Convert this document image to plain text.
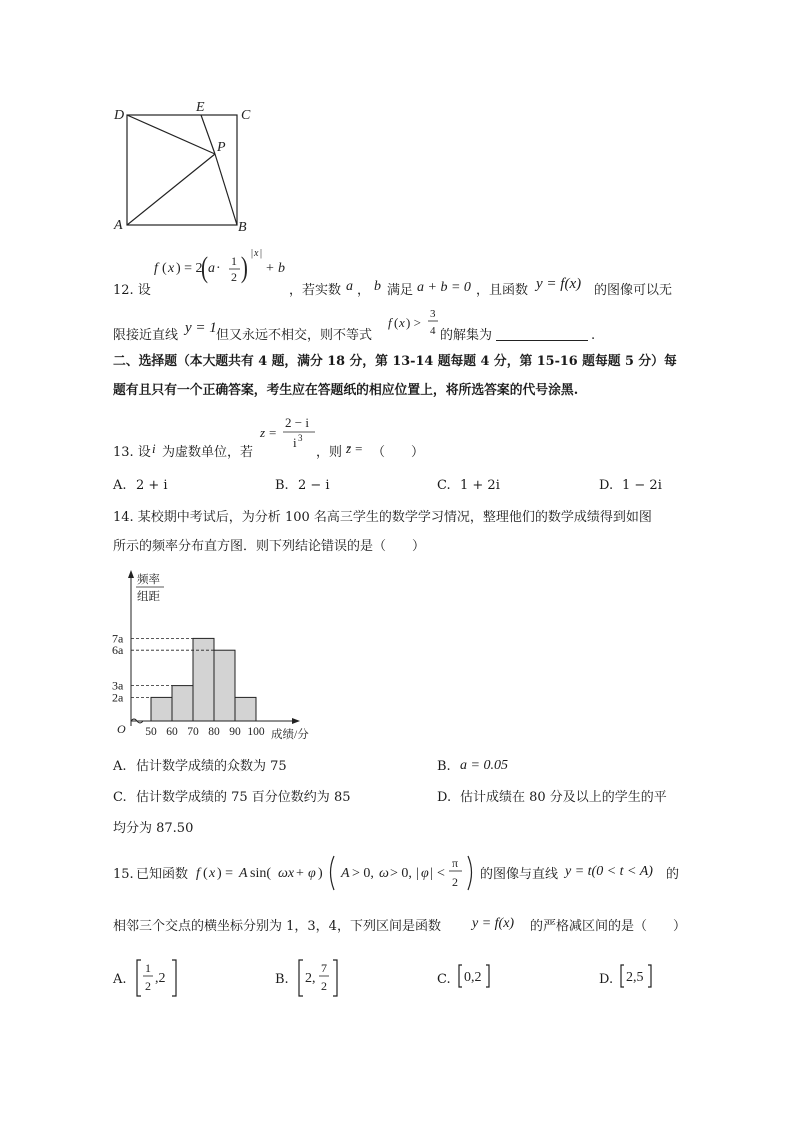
D
E
C
P
A	B
12. 设
f ( x ) = 2 a ·
( 1
2 ) | x |
+ b
，若实数 a ， b 满足 a + b = 0 ，且函数 y = f(x) 的图像可以无
限接近直线 y = 1 但又永远不相交，则不等式
f ( x ) >
3
4 的解集为	.
二、选择题（本大题共有 4 题，满分 18 分，第 13-14 题每题 4 分，第 15-16 题每题 5 分）每
题有且只有一个正确答案，考生应在答题纸的相应位置上，将所选答案的代号涂黑.
13. 设 i 为虚数单位，若
z =
2 − i
i 3
，则 z̄ = （　　）
A. 2 + i	B. 2 − i	C. 1 + 2i	D. 1 − 2i
14. 某校期中考试后，为分析 100 名高三学生的数学学习情况，整理他们的数学成绩得到如图
所示的频率分布直方图．则下列结论错误的是（　　）
频率
组距
O	成绩/分
2a
3a
6a
7a
50 60 70 80 90 100
A. 估计数学成绩的众数为 75	B. a = 0.05
C. 估计数学成绩的 75 百分位数约为 85	D. 估计成绩在 80 分及以上的学生的平
均分为 87.50
15. 已知函数 f ( x ) = A sin( ωx + φ ) A > 0, ω > 0, | φ | <
π
2 的图像与直线 y = t(0 < t < A) 的
相邻三个交点的横坐标分别为 1，3，4，下列区间是函数 y = f(x) 的严格减区间的是（　　）
A.
1
2 ,2	B. 2,
7
2	C. 0,2	D. 2,5
